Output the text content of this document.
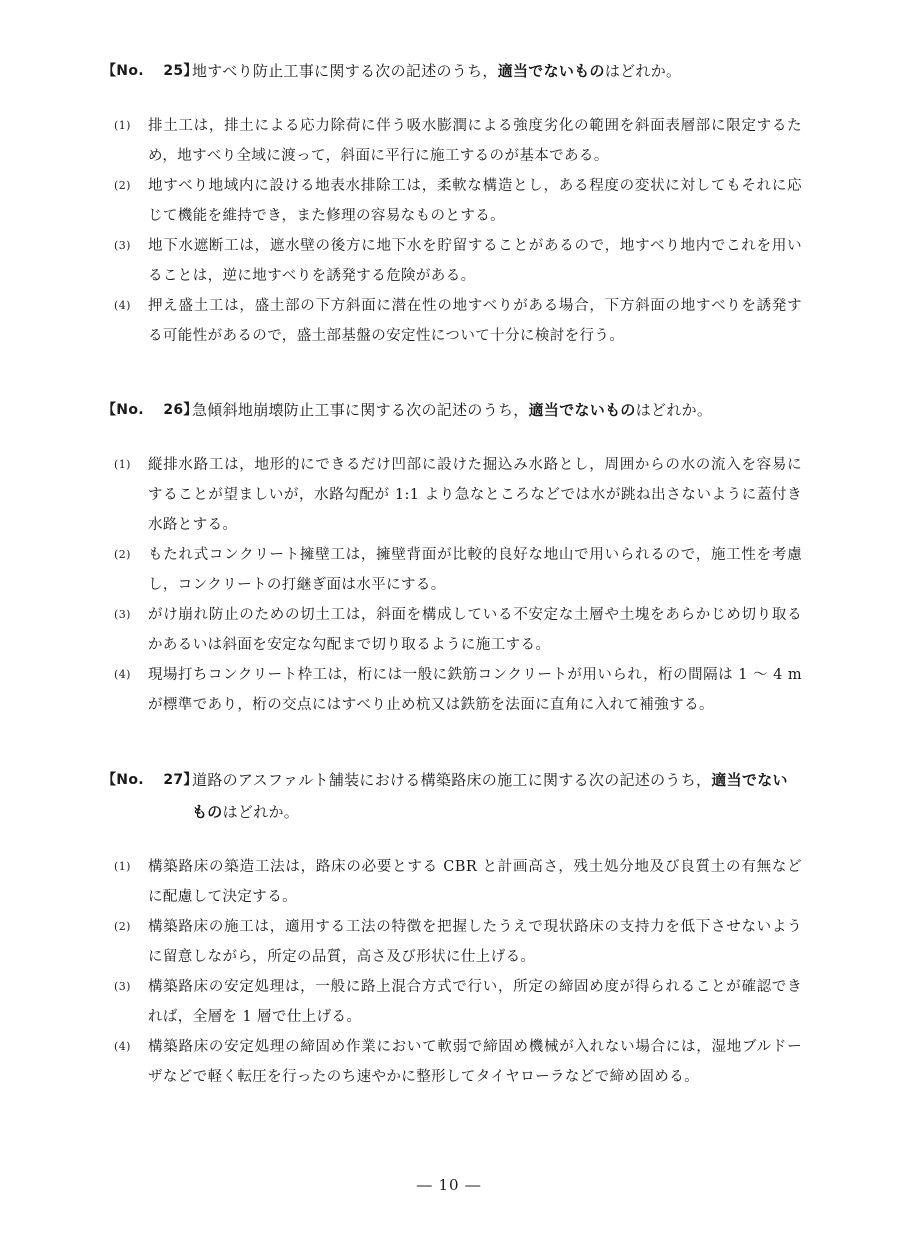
【No.　 25】
地すべり防止工事に関する次の記述のうち，適当でないものはどれか。
(1)	排土工は，排土による応力除荷に伴う吸水膨潤による強度劣化の範囲を斜面表層部に限定するため，地すべり全域に渡って，斜面に平行に施工するのが基本である。
(2)	地すべり地域内に設ける地表水排除工は，柔軟な構造とし，ある程度の変状に対してもそれに応じて機能を維持でき，また修理の容易なものとする。
(3)	地下水遮断工は，遮水壁の後方に地下水を貯留することがあるので，地すべり地内でこれを用いることは，逆に地すべりを誘発する危険がある。
(4)	押え盛土工は，盛土部の下方斜面に潜在性の地すべりがある場合，下方斜面の地すべりを誘発する可能性があるので，盛土部基盤の安定性について十分に検討を行う。
【No.　 26】
急傾斜地崩壊防止工事に関する次の記述のうち，適当でないものはどれか。
(1)	縦排水路工は，地形的にできるだけ凹部に設けた掘込み水路とし，周囲からの水の流入を容易にすることが望ましいが，水路勾配が 1:1 より急なところなどでは水が跳ね出さないように蓋付き水路とする。
(2)	もたれ式コンクリート擁壁工は，擁壁背面が比較的良好な地山で用いられるので，施工性を考慮し，コンクリートの打継ぎ面は水平にする。
(3)	がけ崩れ防止のための切土工は，斜面を構成している不安定な土層や土塊をあらかじめ切り取るかあるいは斜面を安定な勾配まで切り取るように施工する。
(4)	現場打ちコンクリート枠工は，桁には一般に鉄筋コンクリートが用いられ，桁の間隔は 1 ～ 4 m が標準であり，桁の交点にはすべり止め杭又は鉄筋を法面に直角に入れて補強する。
【No.　 27】
道路のアスファルト舗装における構築路床の施工に関する次の記述のうち，適当でないものはどれか。
(1)	構築路床の築造工法は，路床の必要とする CBR と計画高さ，残土処分地及び良質土の有無などに配慮して決定する。
(2)	構築路床の施工は，適用する工法の特徴を把握したうえで現状路床の支持力を低下させないように留意しながら，所定の品質，高さ及び形状に仕上げる。
(3)	構築路床の安定処理は，一般に路上混合方式で行い，所定の締固め度が得られることが確認できれば，全層を 1 層で仕上げる。
(4)	構築路床の安定処理の締固め作業において軟弱で締固め機械が入れない場合には，湿地ブルドーザなどで軽く転圧を行ったのち速やかに整形してタイヤローラなどで締め固める。
― 10 ―
